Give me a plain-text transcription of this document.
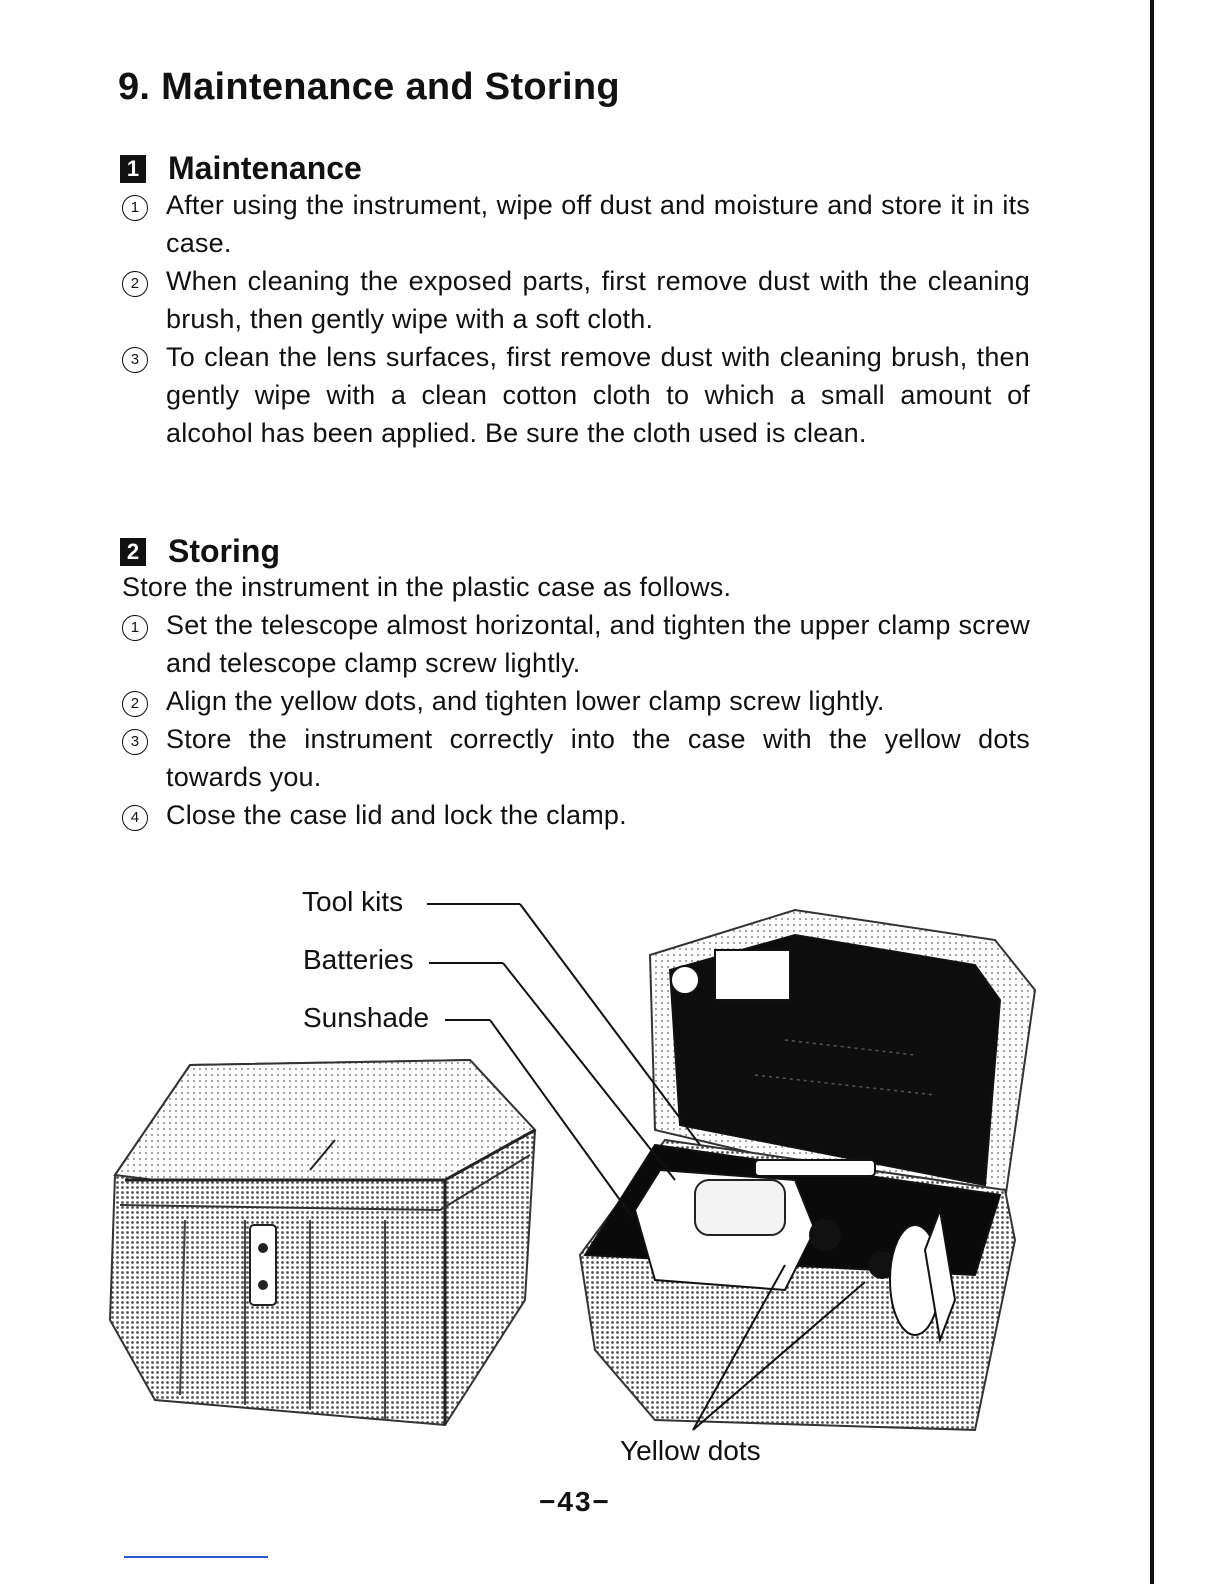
9. Maintenance and Storing
1 Maintenance
1 After using the instrument, wipe off dust and moisture and store it in its case.
2 When cleaning the exposed parts, first remove dust with the cleaning brush, then gently wipe with a soft cloth.
3 To clean the lens surfaces, first remove dust with cleaning brush, then gently wipe with a clean cotton cloth to which a small amount of alcohol has been applied. Be sure the cloth used is clean.
2 Storing

Store the instrument in the plastic case as follows.

1 Set the telescope almost horizontal, and tighten the upper clamp screw and telescope clamp screw lightly.
2 Align the yellow dots, and tighten lower clamp screw lightly.
3 Store the instrument correctly into the case with the yellow dots towards you.
4 Close the case lid and lock the clamp.
Tool kits
Batteries
Sunshade
Yellow dots
−43−
